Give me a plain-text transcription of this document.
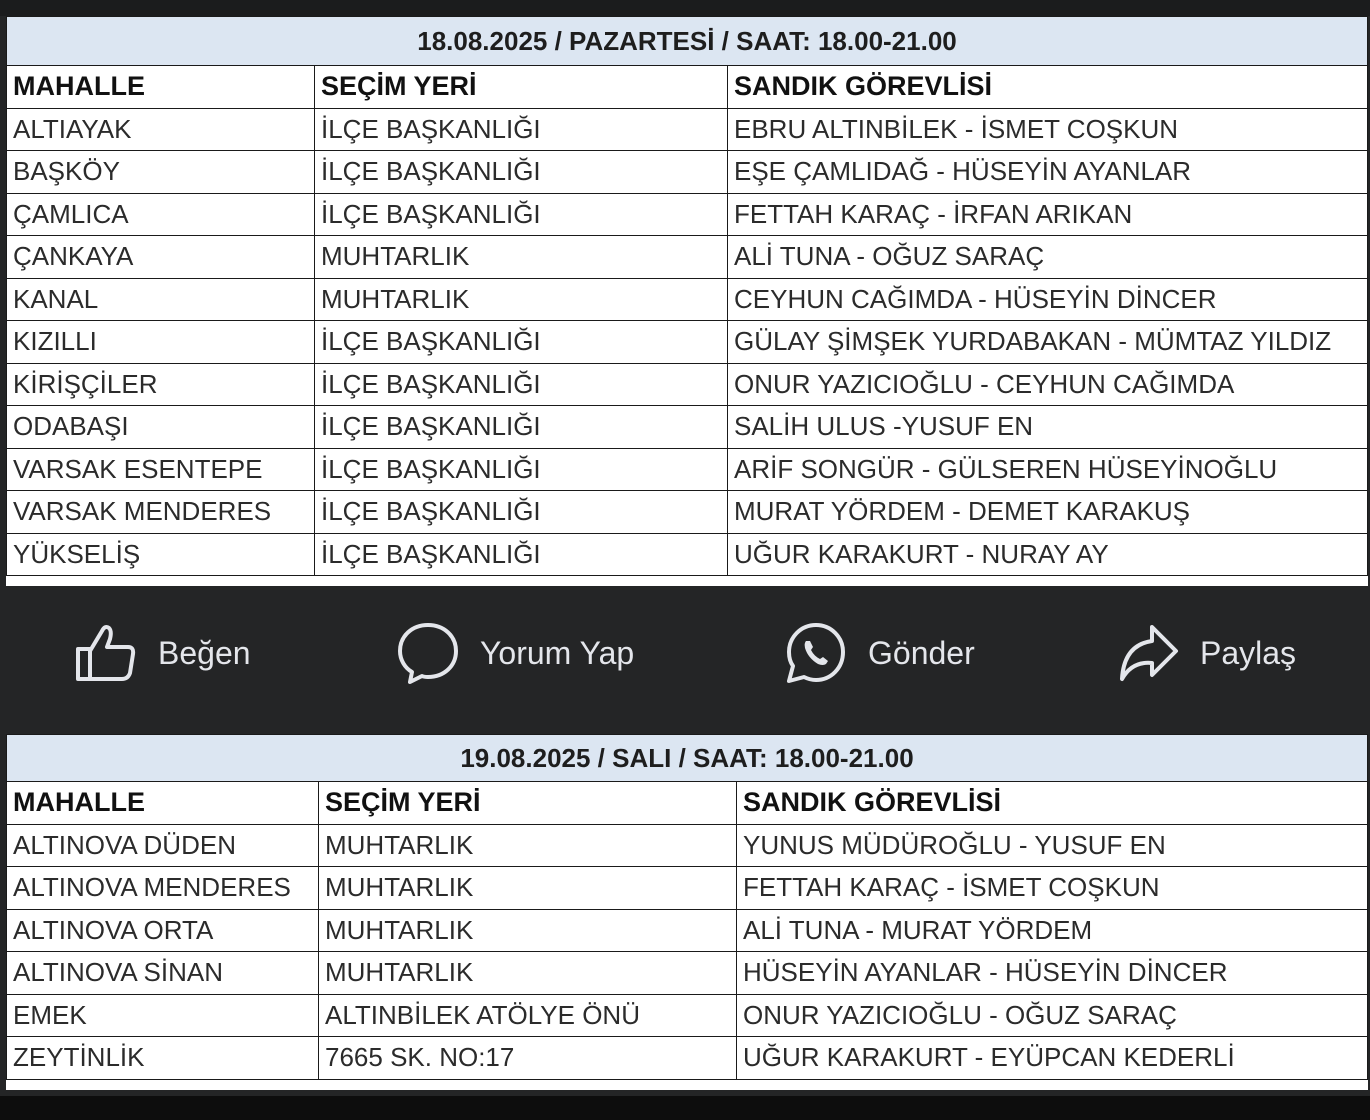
18.08.2025 / PAZARTESİ / SAAT: 18.00-21.00		
MAHALLE	SEÇİM YERİ	SANDIK GÖREVLİSİ
ALTIAYAK	İLÇE BAŞKANLIĞI	EBRU ALTINBİLEK - İSMET COŞKUN
BAŞKÖY	İLÇE BAŞKANLIĞI	EŞE ÇAMLIDAĞ - HÜSEYİN AYANLAR
ÇAMLICA	İLÇE BAŞKANLIĞI	FETTAH KARAÇ - İRFAN ARIKAN
ÇANKAYA	MUHTARLIK	ALİ TUNA - OĞUZ SARAÇ
KANAL	MUHTARLIK	CEYHUN CAĞIMDA - HÜSEYİN DİNCER
KIZILLI	İLÇE BAŞKANLIĞI	GÜLAY ŞİMŞEK YURDABAKAN - MÜMTAZ YILDIZ
KİRİŞÇİLER	İLÇE BAŞKANLIĞI	ONUR YAZICIOĞLU - CEYHUN CAĞIMDA
ODABAŞI	İLÇE BAŞKANLIĞI	SALİH ULUS -YUSUF EN
VARSAK ESENTEPE	İLÇE BAŞKANLIĞI	ARİF SONGÜR - GÜLSEREN HÜSEYİNOĞLU
VARSAK MENDERES	İLÇE BAŞKANLIĞI	MURAT YÖRDEM - DEMET KARAKUŞ
YÜKSELİŞ	İLÇE BAŞKANLIĞI	UĞUR KARAKURT - NURAY AY
Beğen	Yorum Yap	Gönder	Paylaş
19.08.2025 / SALI / SAAT: 18.00-21.00		
MAHALLE	SEÇİM YERİ	SANDIK GÖREVLİSİ
ALTINOVA DÜDEN	MUHTARLIK	YUNUS MÜDÜROĞLU - YUSUF EN
ALTINOVA MENDERES	MUHTARLIK	FETTAH KARAÇ - İSMET COŞKUN
ALTINOVA ORTA	MUHTARLIK	ALİ TUNA - MURAT YÖRDEM
ALTINOVA SİNAN	MUHTARLIK	HÜSEYİN AYANLAR - HÜSEYİN DİNCER
EMEK	ALTINBİLEK ATÖLYE ÖNÜ	ONUR YAZICIOĞLU - OĞUZ SARAÇ
ZEYTİNLİK	7665 SK. NO:17	UĞUR KARAKURT - EYÜPCAN KEDERLİ
